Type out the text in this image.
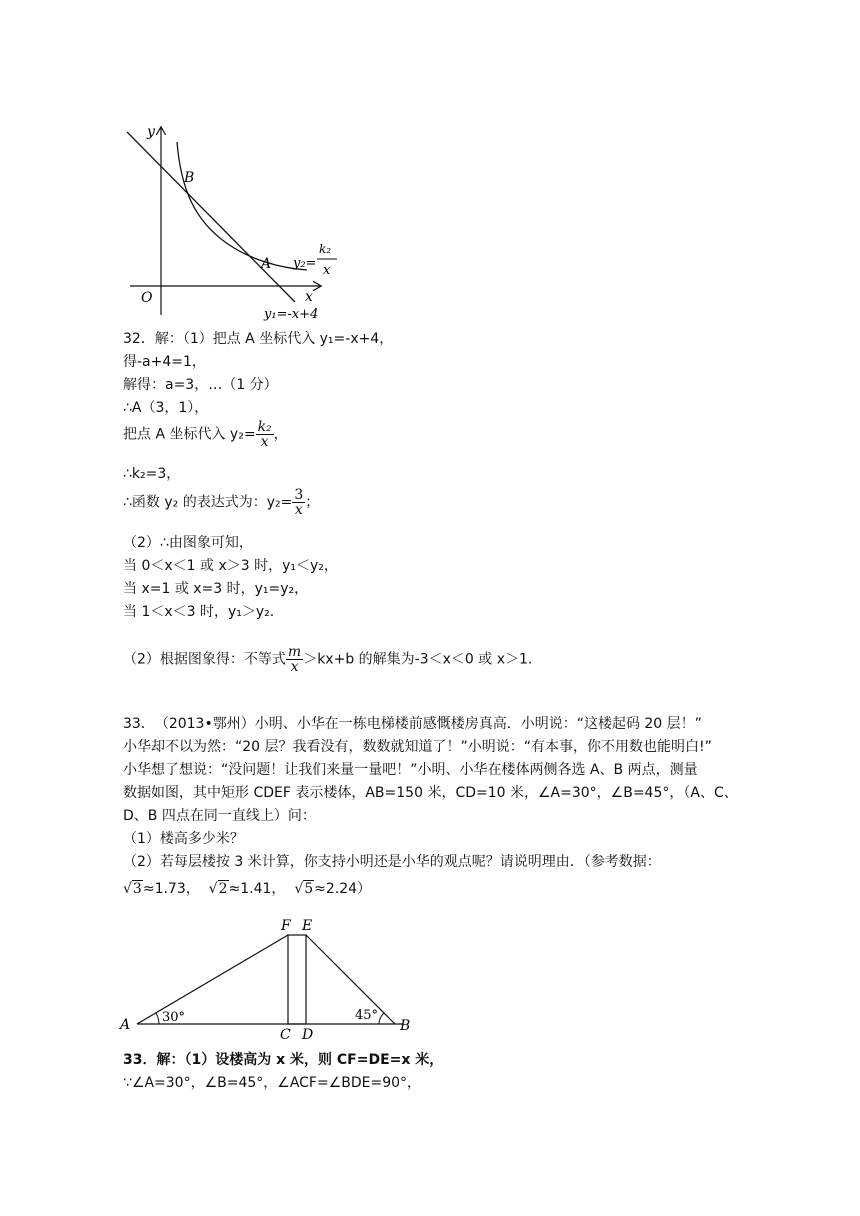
y
x
O
B
A y₂=
k₂
x
y₁=-x+4
32．解：（1）把点 A 坐标代入 y₁=-x+4，
得-a+4=1，
解得：a=3，…（1 分）
∴A（3，1），
把点 A 坐标代入 $y_2= \frac{\text{k₂}}{x}$ ，
∴k₂=3，
∴函数 y₂ 的表达式为：$y_2= \frac{3}{x}$ ；
（2）∴由图象可知，
当 0＜x＜1 或 x＞3 时，y₁＜y₂，
当 x=1 或 x=3 时，y₁=y₂，
当 1＜x＜3 时，y₁＞y₂.
（2）根据图象得：不等式 $\frac{m}{x} >kx+b$ 的解集为-3＜x＜0 或 x＞1.
33．　（2013•鄂州）小明、小华在一栋电梯楼前感慨楼房真高．小明说：“这楼起码 20 层！”
小华却不以为然：“20 层？我看没有，数数就知道了！”小明说：“有本事，你不用数也能明白!”
小华想了想说：“没问题！让我们来量一量吧！”小明、小华在楼体两侧各选 A、B 两点，测量
数据如图，其中矩形 CDEF 表示楼体，AB=150 米，CD=10 米，∠A=30°，∠B=45°，（A、C、
D、B 四点在同一直线上）问：
（1）楼高多少米？
（2）若每层楼按 3 米计算，你支持小明还是小华的观点呢？请说明理由．（参考数据：
√3≈1.73， √2≈1.41， √5≈2.24）
A	B
C D
F E
30°	45°
33．解：（1）设楼高为 x 米，则 CF=DE=x 米，
∵∠A=30°，∠B=45°，∠ACF=∠BDE=90°，
